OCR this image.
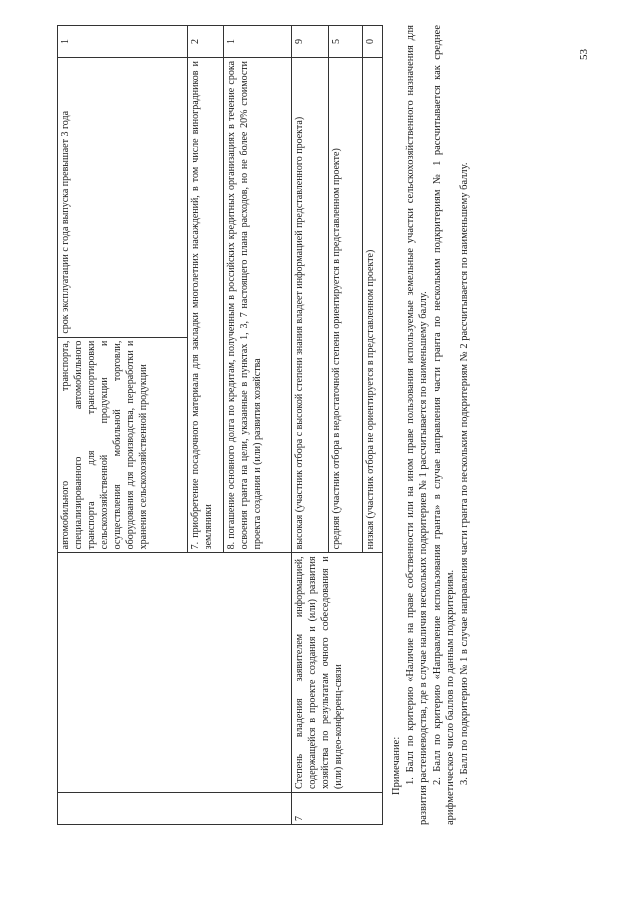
		автомобильного транспорта, специализированного автомобильного транспорта для транспортировки сельскохозяйственной продукции и осуществления мобильной торговли, оборудования для производства, переработки и хранения сельскохозяйственной продукции	срок эксплуатации с года выпуска превышает 3 года	1
		7. приобретение посадочного материала для закладки многолетних насаждений, в том числе виноградников и земляники		2
		8. погашение основного долга по кредитам, полученным в российских кредитных организациях в течение срока освоения гранта на цели, указанные в пунктах 1, 3, 7 настоящего плана расходов, но не более 20% стоимости проекта создания и (или) развития хозяйства		1
7	Степень владения заявителем информацией, содержащейся в проекте создания и (или) развития хозяйства по результатам очного собеседования и (или) видео-конференц-связи	высокая (участник отбора с высокой степени знания владеет информацией представленного проекта)		9
		средняя (участник отбора в недостаточной степени ориентируется в представленном проекте)		5
		низкая (участник отбора не ориентируется в представленном проекте)		0

Примечание: 1. Балл по критерию «Наличие на праве собственности или на ином праве пользования используемые земельные участки сельскохозяйственного назначения для развития растениеводства, где в случае наличия нескольких подкритериев № 1 рассчитывается по наименьшему баллу. 2. Балл по критерию «Направление использования гранта» в случае направления части гранта по нескольким подкритериям № 1 рассчитывается как среднее арифметическое число баллов по данным подкритериям. 3. Балл по подкритерию № 1 в случае направления части гранта по нескольким подкритериям № 2 рассчитывается по наименьшему баллу.

53
